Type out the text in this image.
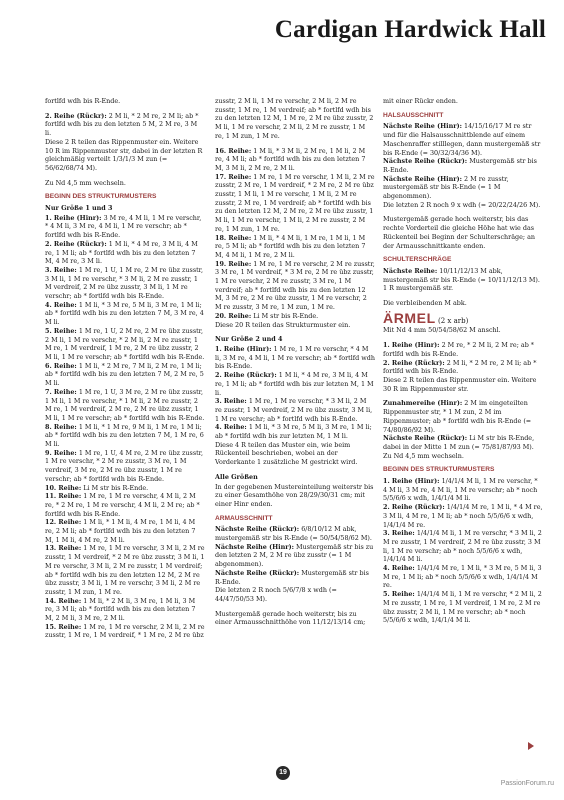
Cardigan Hardwick Hall

fortlfd wdh bis R-Ende.

2. Reihe (Rückr): 2 M li, * 2 M re, 2 M li; ab * fortlfd wdh bis zu den letzten 5 M, 2 M re, 3 M li.

Diese 2 R teilen das Rippenmuster ein. Weitere 10 R im Rippenmuster str, dabei in der letzten R gleichmäßig verteilt 1/3/1/3 M zun (= 56/62/68/74 M).

Zu Nd 4,5 mm wechseln.

BEGINN DES STRUKTURMUSTERS
Nur Größe 1 und 3

1. Reihe (Hinr): 3 M re, 4 M li, 1 M re verschr, * 4 M li, 3 M re, 4 M li, 1 M re verschr; ab * fortlfd wdh bis R-Ende.

2. Reihe (Rückr): 1 M li, * 4 M re, 3 M li, 4 M re, 1 M li; ab * fortlfd wdh bis zu den letzten 7 M, 4 M re, 3 M li.

3. Reihe: 1 M re, 1 U, 1 M re, 2 M re übz zusstr, 3 M li, 1 M re verschr, * 3 M li, 2 M re zusstr, 1 M verdreif, 2 M re übz zusstr, 3 M li, 1 M re verschr; ab * fortlfd wdh bis R-Ende.

4. Reihe: 1 M li, * 3 M re, 5 M li, 3 M re, 1 M li; ab * fortlfd wdh bis zu den letzten 7 M, 3 M re, 4 M li.

5. Reihe: 1 M re, 1 U, 2 M re, 2 M re übz zusstr, 2 M li, 1 M re verschr, * 2 M li, 2 M re zusstr, 1 M re, 1 M verdreif, 1 M re, 2 M re übz zusstr, 2 M li, 1 M re verschr; ab * fortlfd wdh bis R-Ende.

6. Reihe: 1 M li, * 2 M re, 7 M li, 2 M re, 1 M li; ab * fortlfd wdh bis zu den letzten 7 M, 2 M re, 5 M li.

7. Reihe: 1 M re, 1 U, 3 M re, 2 M re übz zusstr, 1 M li, 1 M re verschr, * 1 M li, 2 M re zusstr, 2 M re, 1 M verdreif, 2 M re, 2 M re übz zusstr, 1 M li, 1 M re verschr; ab * fortlfd wdh bis R-Ende.

8. Reihe: 1 M li, * 1 M re, 9 M li, 1 M re, 1 M li; ab * fortlfd wdh bis zu den letzten 7 M, 1 M re, 6 M li.

9. Reihe: 1 M re, 1 U, 4 M re, 2 M re übz zusstr, 1 M re verschr, * 2 M re zusstr, 3 M re, 1 M verdreif, 3 M re, 2 M re übz zusstr, 1 M re verschr; ab * fortlfd wdh bis R-Ende.

10. Reihe: Li M str bis R-Ende.

11. Reihe: 1 M re, 1 M re verschr, 4 M li, 2 M re, * 2 M re, 1 M re verschr, 4 M li, 2 M re; ab * fortlfd wdh bis R-Ende.

12. Reihe: 1 M li, * 1 M li, 4 M re, 1 M li, 4 M re, 2 M li; ab * fortlfd wdh bis zu den letzten 7 M, 1 M li, 4 M re, 2 M li.

13. Reihe: 1 M re, 1 M re verschr, 3 M li, 2 M re zusstr, 1 M verdreif, * 2 M re übz zusstr, 3 M li, 1 M re verschr, 3 M li, 2 M re zusstr, 1 M verdreif; ab * fortlfd wdh bis zu den letzten 12 M, 2 M re übz zusstr, 3 M li, 1 M re verschr, 3 M li, 2 M re zusstr, 1 M zun, 1 M re.

14. Reihe: 1 M li, * 2 M li, 3 M re, 1 M li, 3 M re, 3 M li; ab * fortlfd wdh bis zu den letzten 7 M, 2 M li, 3 M re, 2 M li.

15. Reihe: 1 M re, 1 M re verschr, 2 M li, 2 M re zusstr, 1 M re, 1 M verdreif, * 1 M re, 2 M re übz

zusstr, 2 M li, 1 M re verschr, 2 M li, 2 M re zusstr, 1 M re, 1 M verdreif; ab * fortlfd wdh bis zu den letzten 12 M, 1 M re, 2 M re übz zusstr, 2 M li, 1 M re verschr, 2 M li, 2 M re zusstr, 1 M re, 1 M zun, 1 M re.

16. Reihe: 1 M li, * 3 M li, 2 M re, 1 M li, 2 M re, 4 M li; ab * fortlfd wdh bis zu den letzten 7 M, 3 M li, 2 M re, 2 M li.

17. Reihe: 1 M re, 1 M re verschr, 1 M li, 2 M re zusstr, 2 M re, 1 M verdreif, * 2 M re, 2 M re übz zusstr, 1 M li, 1 M re verschr, 1 M li, 2 M re zusstr, 2 M re, 1 M verdreif; ab * fortlfd wdh bis zu den letzten 12 M, 2 M re, 2 M re übz zusstr, 1 M li, 1 M re verschr, 1 M li, 2 M re zusstr, 2 M re, 1 M zun, 1 M re.

18. Reihe: 1 M li, * 4 M li, 1 M re, 1 M li, 1 M re, 5 M li; ab * fortlfd wdh bis zu den letzten 7 M, 4 M li, 1 M re, 2 M li.

19. Reihe: 1 M re, 1 M re verschr, 2 M re zusstr, 3 M re, 1 M verdreif, * 3 M re, 2 M re übz zusstr, 1 M re verschr, 2 M re zusstr, 3 M re, 1 M verdreif; ab * fortlfd wdh bis zu den letzten 12 M, 3 M re, 2 M re übz zusstr, 1 M re verschr, 2 M re zusstr, 3 M re, 1 M zun, 1 M re.

20. Reihe: Li M str bis R-Ende.

Diese 20 R teilen das Strukturmuster ein.

Nur Größe 2 und 4

1. Reihe (Hinr): 1 M re, 1 M re verschr, * 4 M li, 3 M re, 4 M li, 1 M re verschr; ab * fortlfd wdh bis R-Ende.

2. Reihe (Rückr): 1 M li, * 4 M re, 3 M li, 4 M re, 1 M li; ab * fortlfd wdh bis zur letzten M, 1 M li.

3. Reihe: 1 M re, 1 M re verschr, * 3 M li, 2 M re zusstr, 1 M verdreif, 2 M re übz zusstr, 3 M li, 1 M re verschr; ab * fortlfd wdh bis R-Ende.

4. Reihe: 1 M li, * 3 M re, 5 M li, 3 M re, 1 M li; ab * fortlfd wdh bis zur letzten M, 1 M li.

Diese 4 R teilen das Muster ein, wie beim Rückenteil beschrieben, wobei an der Vorderkante 1 zusätzliche M gestrickt wird.

Alle Größen

In der gegebenen Mustereinteilung weiterstr bis zu einer Gesamthöhe von 28/29/30/31 cm; mit einer Hinr enden.

ARMAUSSCHNITT

Nächste Reihe (Rückr): 6/8/10/12 M abk, mustergemäß str bis R-Ende (= 50/54/58/62 M).

Nächste Reihe (Hinr): Mustergemäß str bis zu den letzten 2 M, 2 M re übz zusstr (= 1 M abgenommen).

Nächste Reihe (Rückr): Mustergemäß str bis R-Ende.

Die letzten 2 R noch 5/6/7/8 x wdh (= 44/47/50/53 M).

Mustergemäß gerade hoch weiterstr, bis zu einer Armausschnitthöhe von 11/12/13/14 cm;

mit einer Rückr enden.

HALSAUSSCHNITT

Nächste Reihe (Hinr): 14/15/16/17 M re str und für die Halsausschnittblende auf einem Maschenraffer stilllegen, dann mustergemäß str bis R-Ende (= 30/32/34/36 M).

Nächste Reihe (Rückr): Mustergemäß str bis R-Ende.

Nächste Reihe (Hinr): 2 M re zusstr, mustergemäß str bis R-Ende (= 1 M abgenommen).

Die letzten 2 R noch 9 x wdh (= 20/22/24/26 M).

Mustergemäß gerade hoch weiterstr, bis das rechte Vorderteil die gleiche Höhe hat wie das Rückenteil bei Beginn der Schulterschräge; an der Armausschnittkante enden.

SCHULTERSCHRÄGE

Nächste Reihe: 10/11/12/13 M abk, mustergemäß str bis R-Ende (= 10/11/12/13 M).

1 R mustergemäß str.

Die verbleibenden M abk.

ÄRMEL (2 x arb)

Mit Nd 4 mm 50/54/58/62 M anschl.

1. Reihe (Hinr): 2 M re, * 2 M li, 2 M re; ab * fortlfd wdh bis R-Ende.

2. Reihe (Rückr): 2 M li, * 2 M re, 2 M li; ab * fortlfd wdh bis R-Ende.

Diese 2 R teilen das Rippenmuster ein. Weitere 30 R im Rippenmuster str.

Zunahmereihe (Hinr): 2 M im eingeteilten Rippenmuster str, * 1 M zun, 2 M im Rippenmuster; ab * fortlfd wdh bis R-Ende (= 74/80/86/92 M).

Nächste Reihe (Rückr): Li M str bis R-Ende, dabei in der Mitte 1 M zun (= 75/81/87/93 M).

Zu Nd 4,5 mm wechseln.

BEGINN DES STRUKTURMUSTERS

1. Reihe (Hinr): 1/4/1/4 M li, 1 M re verschr, * 4 M li, 3 M re, 4 M li, 1 M re verschr; ab * noch 5/5/6/6 x wdh, 1/4/1/4 M li.

2. Reihe (Rückr): 1/4/1/4 M re, 1 M li, * 4 M re, 3 M li, 4 M re, 1 M li; ab * noch 5/5/6/6 x wdh, 1/4/1/4 M re.

3. Reihe: 1/4/1/4 M li, 1 M re verschr, * 3 M li, 2 M re zusstr, 1 M verdreif, 2 M re übz zusstr, 3 M li, 1 M re verschr; ab * noch 5/5/6/6 x wdh, 1/4/1/4 M li.

4. Reihe: 1/4/1/4 M re, 1 M li, * 3 M re, 5 M li, 3 M re, 1 M li; ab * noch 5/5/6/6 x wdh, 1/4/1/4 M re.

5. Reihe: 1/4/1/4 M li, 1 M re verschr, * 2 M li, 2 M re zusstr, 1 M re, 1 M verdreif, 1 M re, 2 M re übz zusstr, 2 M li, 1 M re verschr; ab * noch 5/5/6/6 x wdh, 1/4/1/4 M li.

19
PassionForum.ru
